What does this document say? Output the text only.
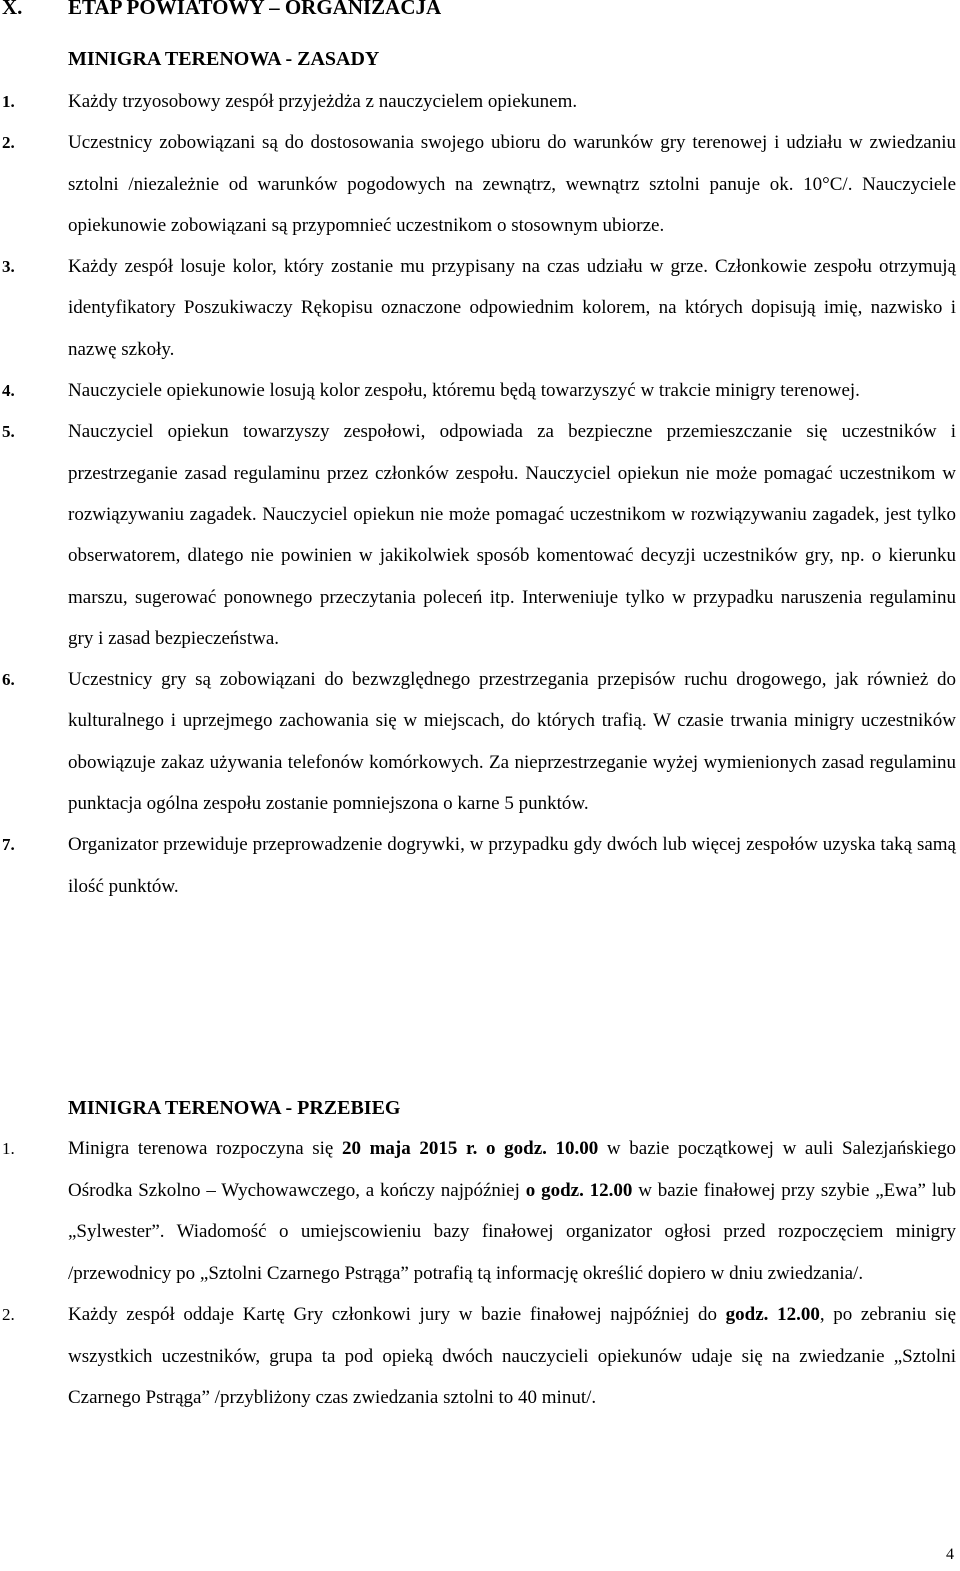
X. ETAP POWIATOWY – ORGANIZACJA
MINIGRA TERENOWA - ZASADY
1.	Każdy trzyosobowy zespół przyjeżdża z nauczycielem opiekunem.
2.	Uczestnicy zobowiązani są do dostosowania swojego ubioru do warunków gry terenowej i udziału w zwiedzaniu sztolni /niezależnie od warunków pogodowych na zewnątrz, wewnątrz sztolni panuje ok. 10°C/. Nauczyciele opiekunowie zobowiązani są przypomnieć uczestnikom o stosownym ubiorze.
3.	Każdy zespół losuje kolor, który zostanie mu przypisany na czas udziału w grze. Członkowie zespołu otrzymują identyfikatory Poszukiwaczy Rękopisu oznaczone odpowiednim kolorem, na których dopisują imię, nazwisko i nazwę szkoły.
4.	Nauczyciele opiekunowie losują kolor zespołu, któremu będą towarzyszyć w trakcie minigry terenowej.
5.	Nauczyciel opiekun towarzyszy zespołowi, odpowiada za bezpieczne przemieszczanie się uczestników i przestrzeganie zasad regulaminu przez członków zespołu. Nauczyciel opiekun nie może pomagać uczestnikom w rozwiązywaniu zagadek. Nauczyciel opiekun nie może pomagać uczestnikom w rozwiązywaniu zagadek, jest tylko obserwatorem, dlatego nie powinien w jakikolwiek sposób komentować decyzji uczestników gry, np. o kierunku marszu, sugerować ponownego przeczytania poleceń itp. Interweniuje tylko w przypadku naruszenia regulaminu gry i zasad bezpieczeństwa.
6.	Uczestnicy gry są zobowiązani do bezwzględnego przestrzegania przepisów ruchu drogowego, jak również do kulturalnego i uprzejmego zachowania się w miejscach, do których trafią. W czasie trwania minigry uczestników obowiązuje zakaz używania telefonów komórkowych. Za nieprzestrzeganie wyżej wymienionych zasad regulaminu punktacja ogólna zespołu zostanie pomniejszona o karne 5 punktów.
7.	Organizator przewiduje przeprowadzenie dogrywki, w przypadku gdy dwóch lub więcej zespołów uzyska taką samą ilość punktów.
MINIGRA TERENOWA - PRZEBIEG
1.	Minigra terenowa rozpoczyna się 20 maja 2015 r. o godz. 10.00 w bazie początkowej w auli Salezjańskiego Ośrodka Szkolno – Wychowawczego, a kończy najpóźniej o godz. 12.00 w bazie finałowej przy szybie „Ewa” lub „Sylwester”. Wiadomość o umiejscowieniu bazy finałowej organizator ogłosi przed rozpoczęciem minigry /przewodnicy po „Sztolni Czarnego Pstrąga” potrafią tą informację określić dopiero w dniu zwiedzania/.
2.	Każdy zespół oddaje Kartę Gry członkowi jury w bazie finałowej najpóźniej do godz. 12.00, po zebraniu się wszystkich uczestników, grupa ta pod opieką dwóch nauczycieli opiekunów udaje się na zwiedzanie „Sztolni Czarnego Pstrąga” /przybliżony czas zwiedzania sztolni to 40 minut/.
4
